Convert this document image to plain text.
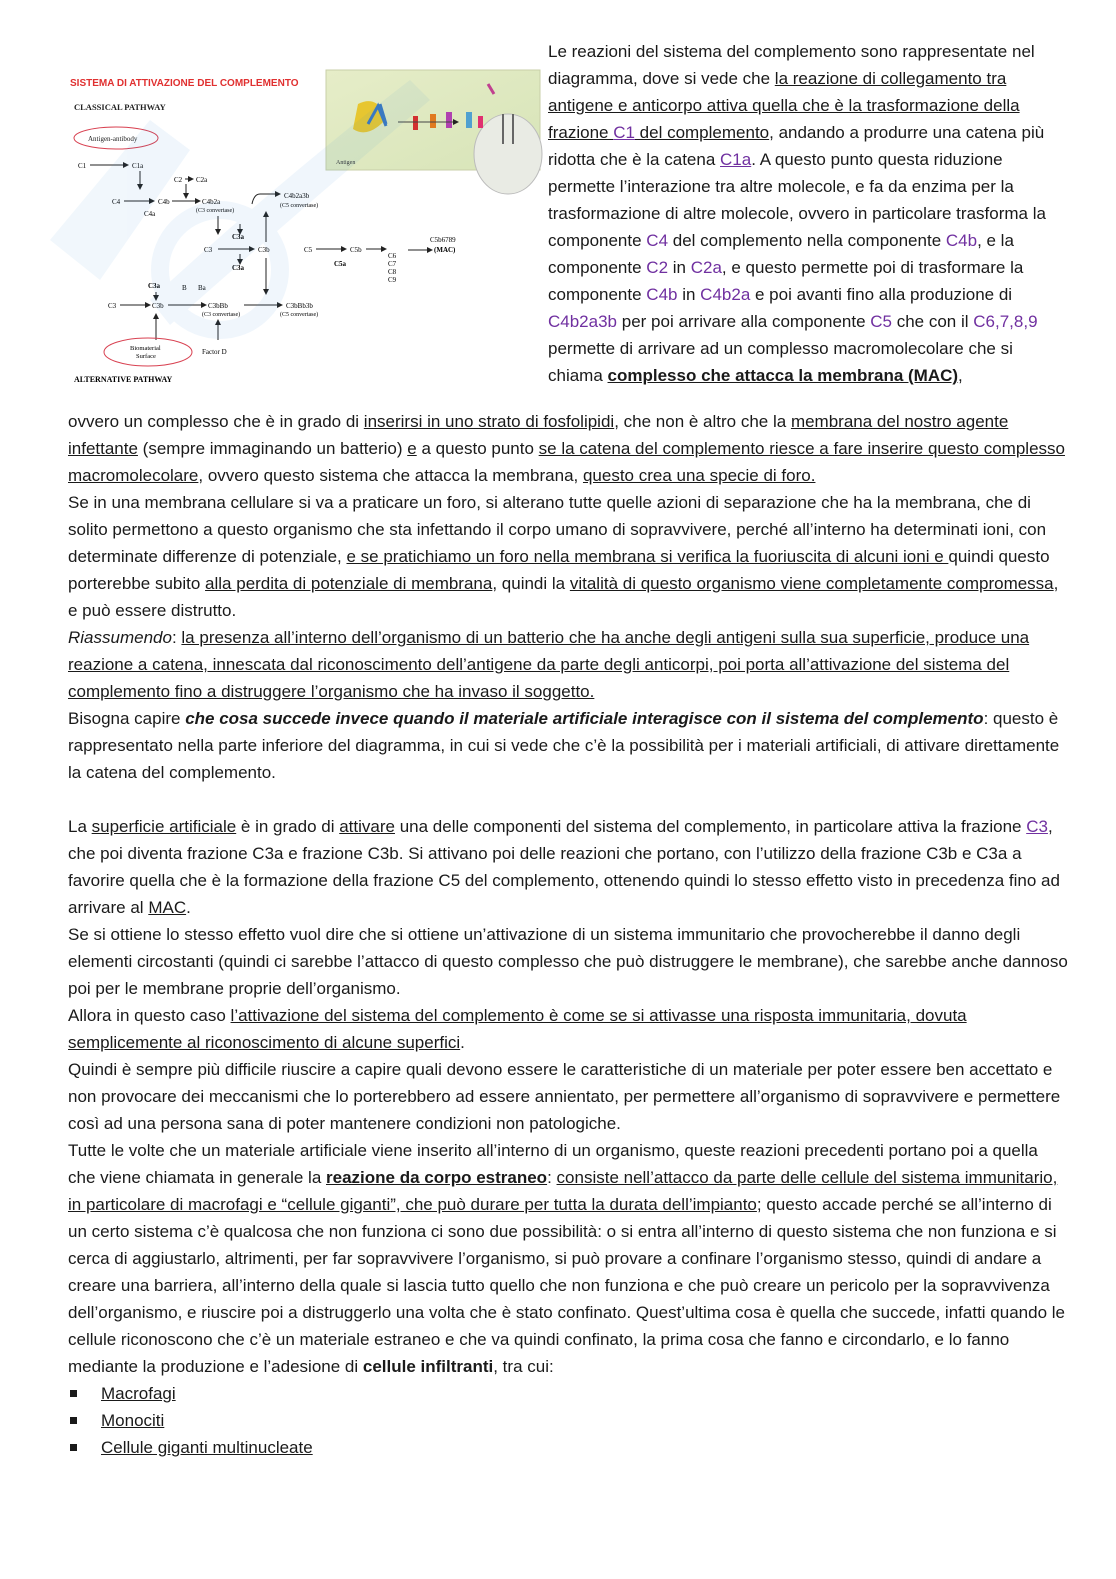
SISTEMA DI ATTIVAZIONE DEL COMPLEMENTO
CLASSICAL PATHWAY
Antigen
Antigen-antibody
C1	C1a
C2 C2a
C4	C4b
C4a
C4b2a
(C3 convertase)
C4b2a3b
(C5 convertase)
C3a
C3	C3b
C3a
C5	C5b
C5a
C6
C7
C8
C9
C5b6789
(MAC)
C3a
C3	C3b
B Ba
C3bBb
(C3 convertase)
C3bBb3b
(C5 convertase)
Biomaterial
Surface
Factor D
ALTERNATIVE PATHWAY

Le reazioni del sistema del complemento sono rappresentate nel diagramma, dove si vede che la reazione di collegamento tra antigene e anticorpo attiva quella che è la trasformazione della frazione C1 del complemento, andando a produrre una catena più ridotta che è la catena C1a. A questo punto questa riduzione permette l’interazione tra altre molecole, e fa da enzima per la trasformazione di altre molecole, ovvero in particolare trasforma la componente C4 del complemento nella componente C4b, e la componente C2 in C2a, e questo permette poi di trasformare la componente C4b in C4b2a e poi avanti fino alla produzione di C4b2a3b per poi arrivare alla componente C5 che con il C6,7,8,9 permette di arrivare ad un complesso macromolecolare che si chiama complesso che attacca la membrana (MAC),

ovvero un complesso che è in grado di inserirsi in uno strato di fosfolipidi, che non è altro che la membrana del nostro agente infettante (sempre immaginando un batterio) e a questo punto se la catena del complemento riesce a fare inserire questo complesso macromolecolare, ovvero questo sistema che attacca la membrana, questo crea una specie di foro.

Se in una membrana cellulare si va a praticare un foro, si alterano tutte quelle azioni di separazione che ha la membrana, che di solito permettono a questo organismo che sta infettando il corpo umano di sopravvivere, perché all’interno ha determinati ioni, con determinate differenze di potenziale, e se pratichiamo un foro nella membrana si verifica la fuoriuscita di alcuni ioni e quindi questo porterebbe subito alla perdita di potenziale di membrana, quindi la vitalità di questo organismo viene completamente compromessa, e può essere distrutto.

Riassumendo: la presenza all’interno dell’organismo di un batterio che ha anche degli antigeni sulla sua superficie, produce una reazione a catena, innescata dal riconoscimento dell’antigene da parte degli anticorpi, poi porta all’attivazione del sistema del complemento fino a distruggere l’organismo che ha invaso il soggetto.

Bisogna capire che cosa succede invece quando il materiale artificiale interagisce con il sistema del complemento: questo è rappresentato nella parte inferiore del diagramma, in cui si vede che c’è la possibilità per i materiali artificiali, di attivare direttamente la catena del complemento.

La superficie artificiale è in grado di attivare una delle componenti del sistema del complemento, in particolare attiva la frazione C3, che poi diventa frazione C3a e frazione C3b. Si attivano poi delle reazioni che portano, con l’utilizzo della frazione C3b e C3a a favorire quella che è la formazione della frazione C5 del complemento, ottenendo quindi lo stesso effetto visto in precedenza fino ad arrivare al MAC.

Se si ottiene lo stesso effetto vuol dire che si ottiene un’attivazione di un sistema immunitario che provocherebbe il danno degli elementi circostanti (quindi ci sarebbe l’attacco di questo complesso che può distruggere le membrane), che sarebbe anche dannoso poi per le membrane proprie dell’organismo.

Allora in questo caso l’attivazione del sistema del complemento è come se si attivasse una risposta immunitaria, dovuta semplicemente al riconoscimento di alcune superfici.

Quindi è sempre più difficile riuscire a capire quali devono essere le caratteristiche di un materiale per poter essere ben accettato e non provocare dei meccanismi che lo porterebbero ad essere annientato, per permettere all’organismo di sopravvivere e permettere così ad una persona sana di poter mantenere condizioni non patologiche.

Tutte le volte che un materiale artificiale viene inserito all’interno di un organismo, queste reazioni precedenti portano poi a quella che viene chiamata in generale la reazione da corpo estraneo: consiste nell’attacco da parte delle cellule del sistema immunitario, in particolare di macrofagi e “cellule giganti”, che può durare per tutta la durata dell’impianto; questo accade perché se all’interno di un certo sistema c’è qualcosa che non funziona ci sono due possibilità: o si entra all’interno di questo sistema che non funziona e si cerca di aggiustarlo, altrimenti, per far sopravvivere l’organismo, si può provare a confinare l’organismo stesso, quindi di andare a creare una barriera, all’interno della quale si lascia tutto quello che non funziona e che può creare un pericolo per la sopravvivenza dell’organismo, e riuscire poi a distruggerlo una volta che è stato confinato. Quest’ultima cosa è quella che succede, infatti quando le cellule riconoscono che c’è un materiale estraneo e che va quindi confinato, la prima cosa che fanno e circondarlo, e lo fanno mediante la produzione e l’adesione di cellule infiltranti, tra cui:

Macrofagi
Monociti
Cellule giganti multinucleate
